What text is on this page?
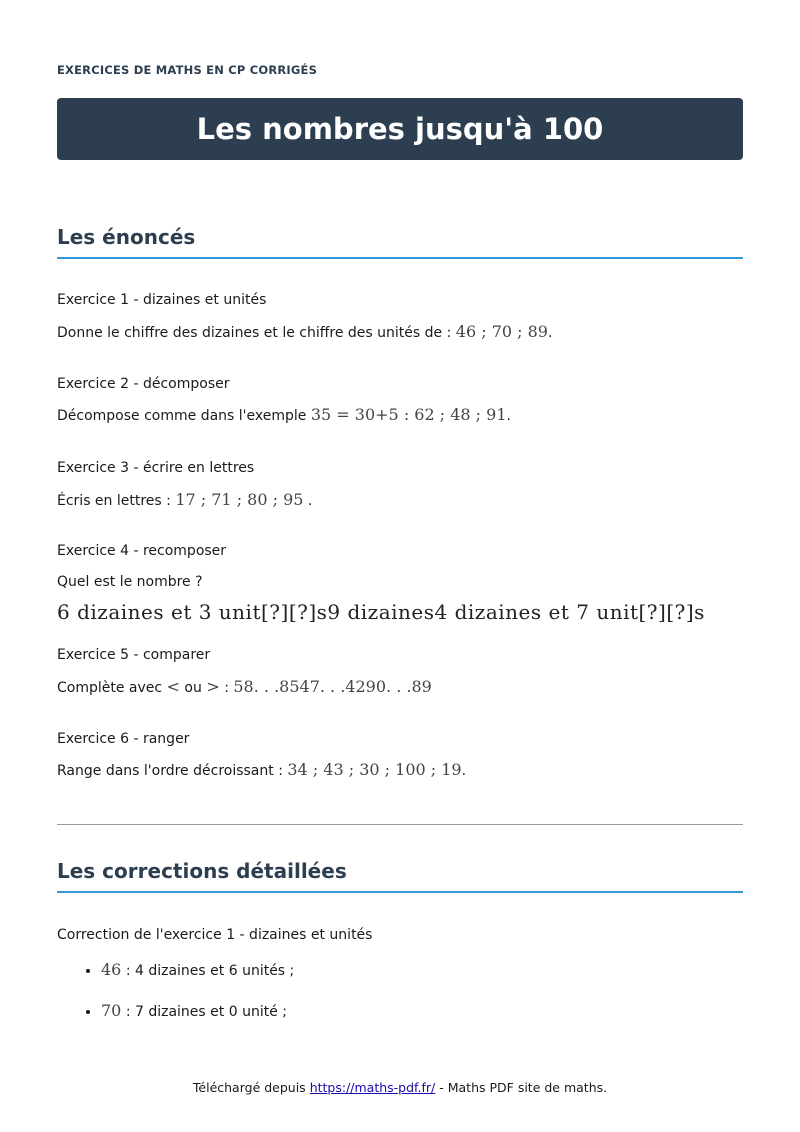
EXERCICES DE MATHS EN CP CORRIGÉS
Les nombres jusqu'à 100
Les énoncés
Exercice 1 - dizaines et unités
Donne le chiffre des dizaines et le chiffre des unités de : 46 ; 70 ; 89.
Exercice 2 - décomposer
Décompose comme dans l'exemple 35 = 30+5 : 62 ; 48 ; 91.
Exercice 3 - écrire en lettres
Écris en lettres : 17 ; 71 ; 80 ; 95 .
Exercice 4 - recomposer
Quel est le nombre ?
6 dizaines et 3 unit[?][?]s9 dizaines4 dizaines et 7 unit[?][?]s
Exercice 5 - comparer
Complète avec < ou > : 58. . .8547. . .4290. . .89
Exercice 6 - ranger
Range dans l'ordre décroissant : 34 ; 43 ; 30 ; 100 ; 19.
Les corrections détaillées
Correction de l'exercice 1 - dizaines et unités
• 46 : 4 dizaines et 6 unités ;
• 70 : 7 dizaines et 0 unité ;
Téléchargé depuis https://maths-pdf.fr/ - Maths PDF site de maths.
